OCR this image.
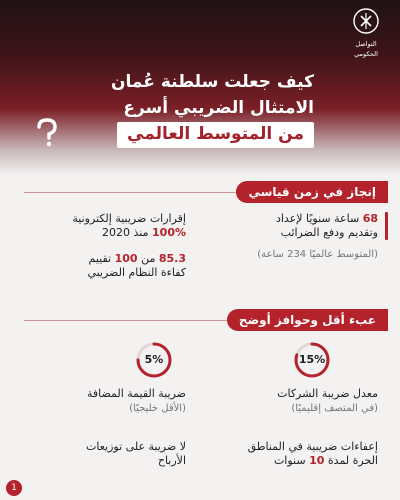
التواصل
الحكومي
كيف جعلت سلطنة عُمان
الامتثال الضريبي أسرع
من المتوسط العالمي
إنجاز في زمن قياسي
68 ساعة سنويًا لإعداد
وتقديم ودفع الضرائب
(المتوسط عالميًا 234 ساعة)
إقرارات ضريبية إلكترونية
100% منذ 2020
85.3 من 100 تقييم
كفاءة النظام الضريبي
عبء أقل وحوافز أوضح
15%
5%
معدل ضريبة الشركات
(في المتصف إقليميًا)
ضريبة القيمة المضافة
(الأقل خليجيًا)
إعفاءات ضريبية في المناطق
الحرة لمدة 10 سنوات
لا ضريبة على توزيعات
الأرباح
1
